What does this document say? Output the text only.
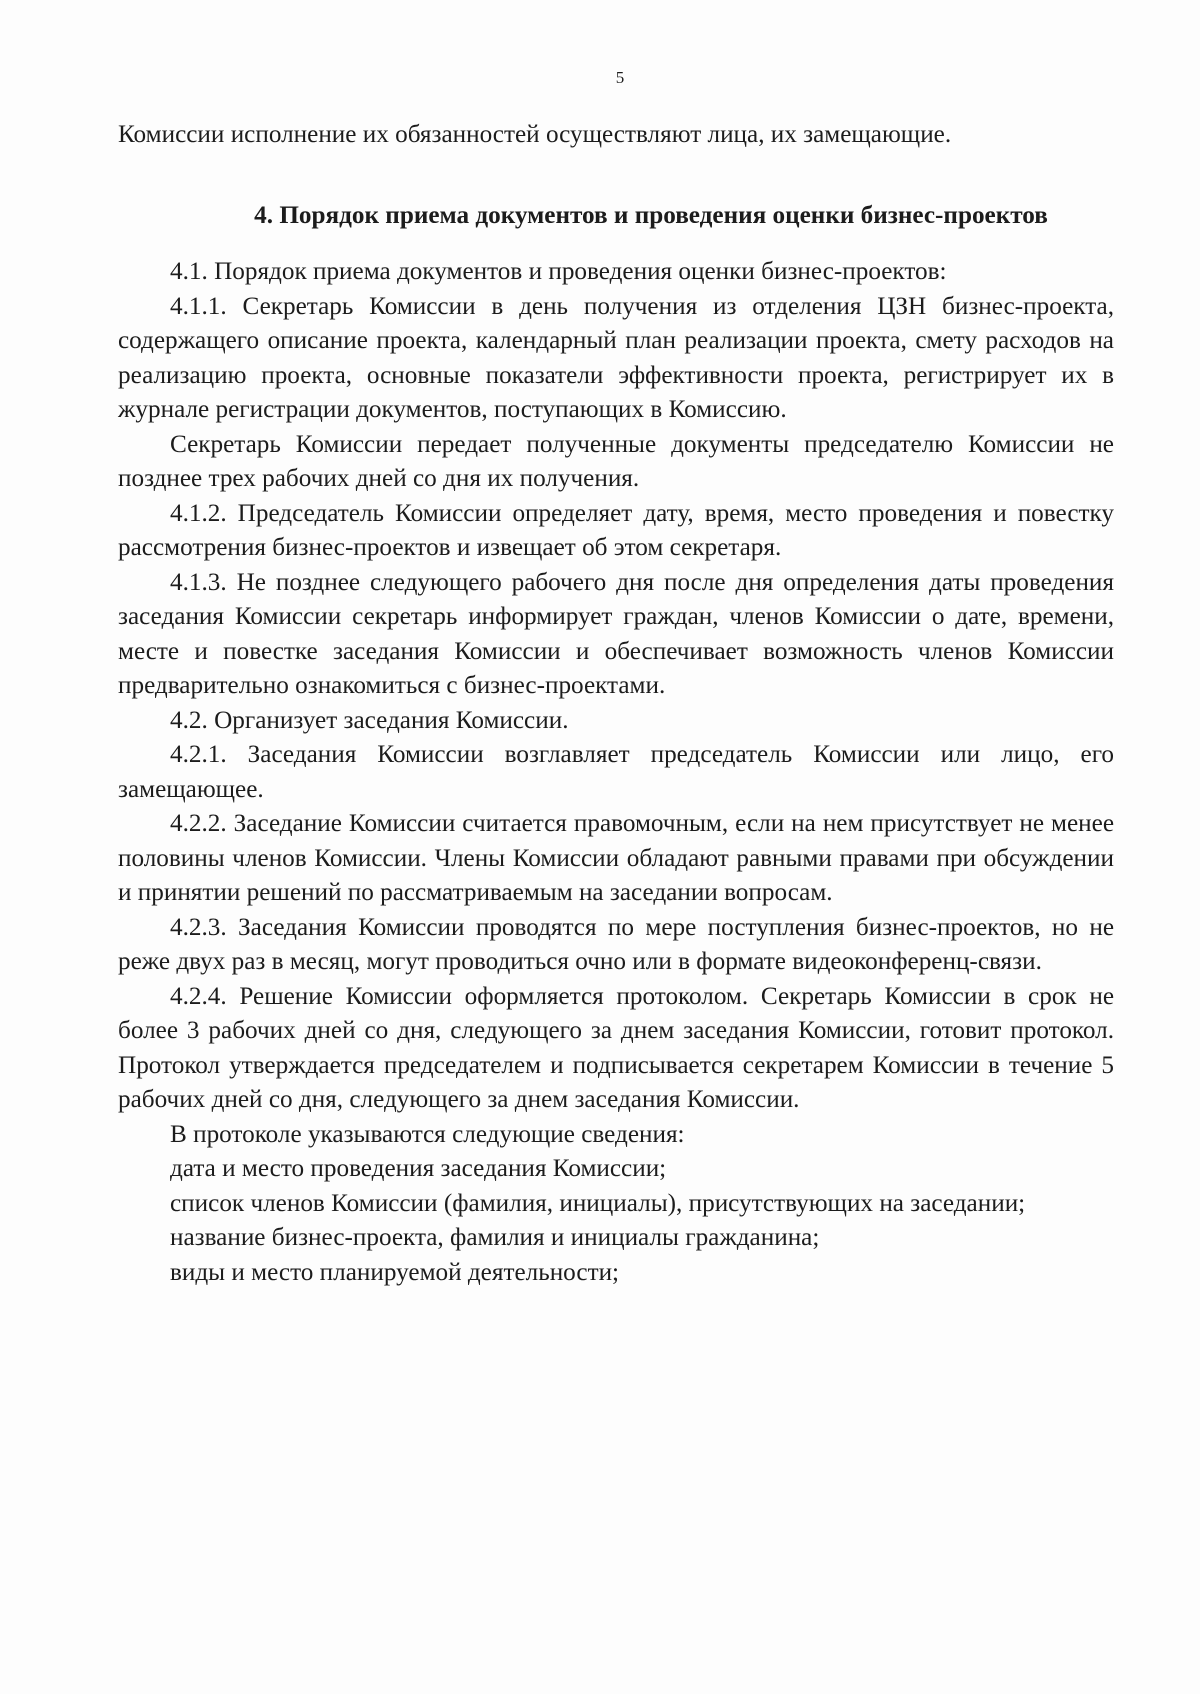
5

Комиссии исполнение их обязанностей осуществляют лица, их замещающие.

4. Порядок приема документов и проведения оценки бизнес-проектов

4.1. Порядок приема документов и проведения оценки бизнес-проектов:

4.1.1. Секретарь Комиссии в день получения из отделения ЦЗН бизнес-проекта, содержащего описание проекта, календарный план реализации проекта, смету расходов на реализацию проекта, основные показатели эффективности проекта, регистрирует их в журнале регистрации документов, поступающих в Комиссию.

Секретарь Комиссии передает полученные документы председателю Комиссии не позднее трех рабочих дней со дня их получения.

4.1.2. Председатель Комиссии определяет дату, время, место проведения и повестку рассмотрения бизнес-проектов и извещает об этом секретаря.

4.1.3. Не позднее следующего рабочего дня после дня определения даты проведения заседания Комиссии секретарь информирует граждан, членов Комиссии о дате, времени, месте и повестке заседания Комиссии и обеспечивает возможность членов Комиссии предварительно ознакомиться с бизнес-проектами.

4.2. Организует заседания Комиссии.

4.2.1. Заседания Комиссии возглавляет председатель Комиссии или лицо, его замещающее.

4.2.2. Заседание Комиссии считается правомочным, если на нем присутствует не менее половины членов Комиссии. Члены Комиссии обладают равными правами при обсуждении и принятии решений по рассматриваемым на заседании вопросам.

4.2.3. Заседания Комиссии проводятся по мере поступления бизнес-проектов, но не реже двух раз в месяц, могут проводиться очно или в формате видеоконференц-связи.

4.2.4. Решение Комиссии оформляется протоколом. Секретарь Комиссии в срок не более 3 рабочих дней со дня, следующего за днем заседания Комиссии, готовит протокол. Протокол утверждается председателем и подписывается секретарем Комиссии в течение 5 рабочих дней со дня, следующего за днем заседания Комиссии.

В протоколе указываются следующие сведения:

дата и место проведения заседания Комиссии;

список членов Комиссии (фамилия, инициалы), присутствующих на заседании;

название бизнес-проекта, фамилия и инициалы гражданина;

виды и место планируемой деятельности;
